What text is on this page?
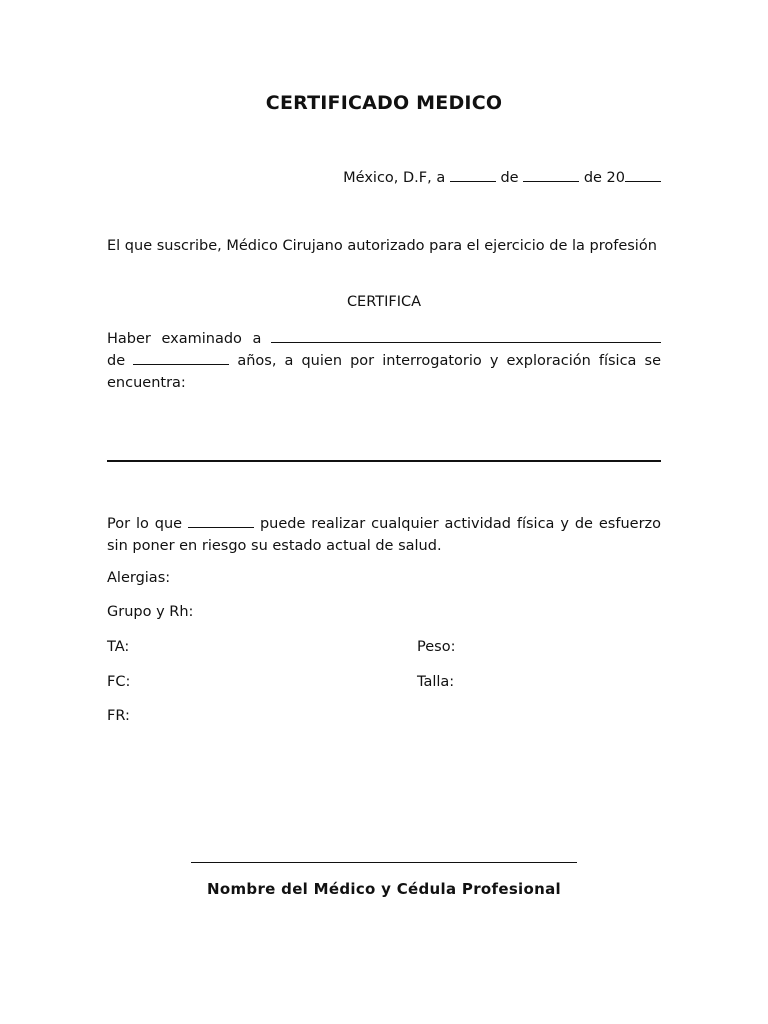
CERTIFICADO MEDICO
México, D.F, a	de	de 20
El que suscribe, Médico Cirujano autorizado para el ejercicio de la profesión
CERTIFICA
Haber examinado a
de	años, a quien por interrogatorio y exploración física se encuentra:
Por lo que	puede realizar cualquier actividad física y de esfuerzo sin poner en riesgo su estado actual de salud.
Alergias:
Grupo y Rh:
TA:	Peso:
FC:	Talla:
FR:
Nombre del Médico y Cédula Profesional
